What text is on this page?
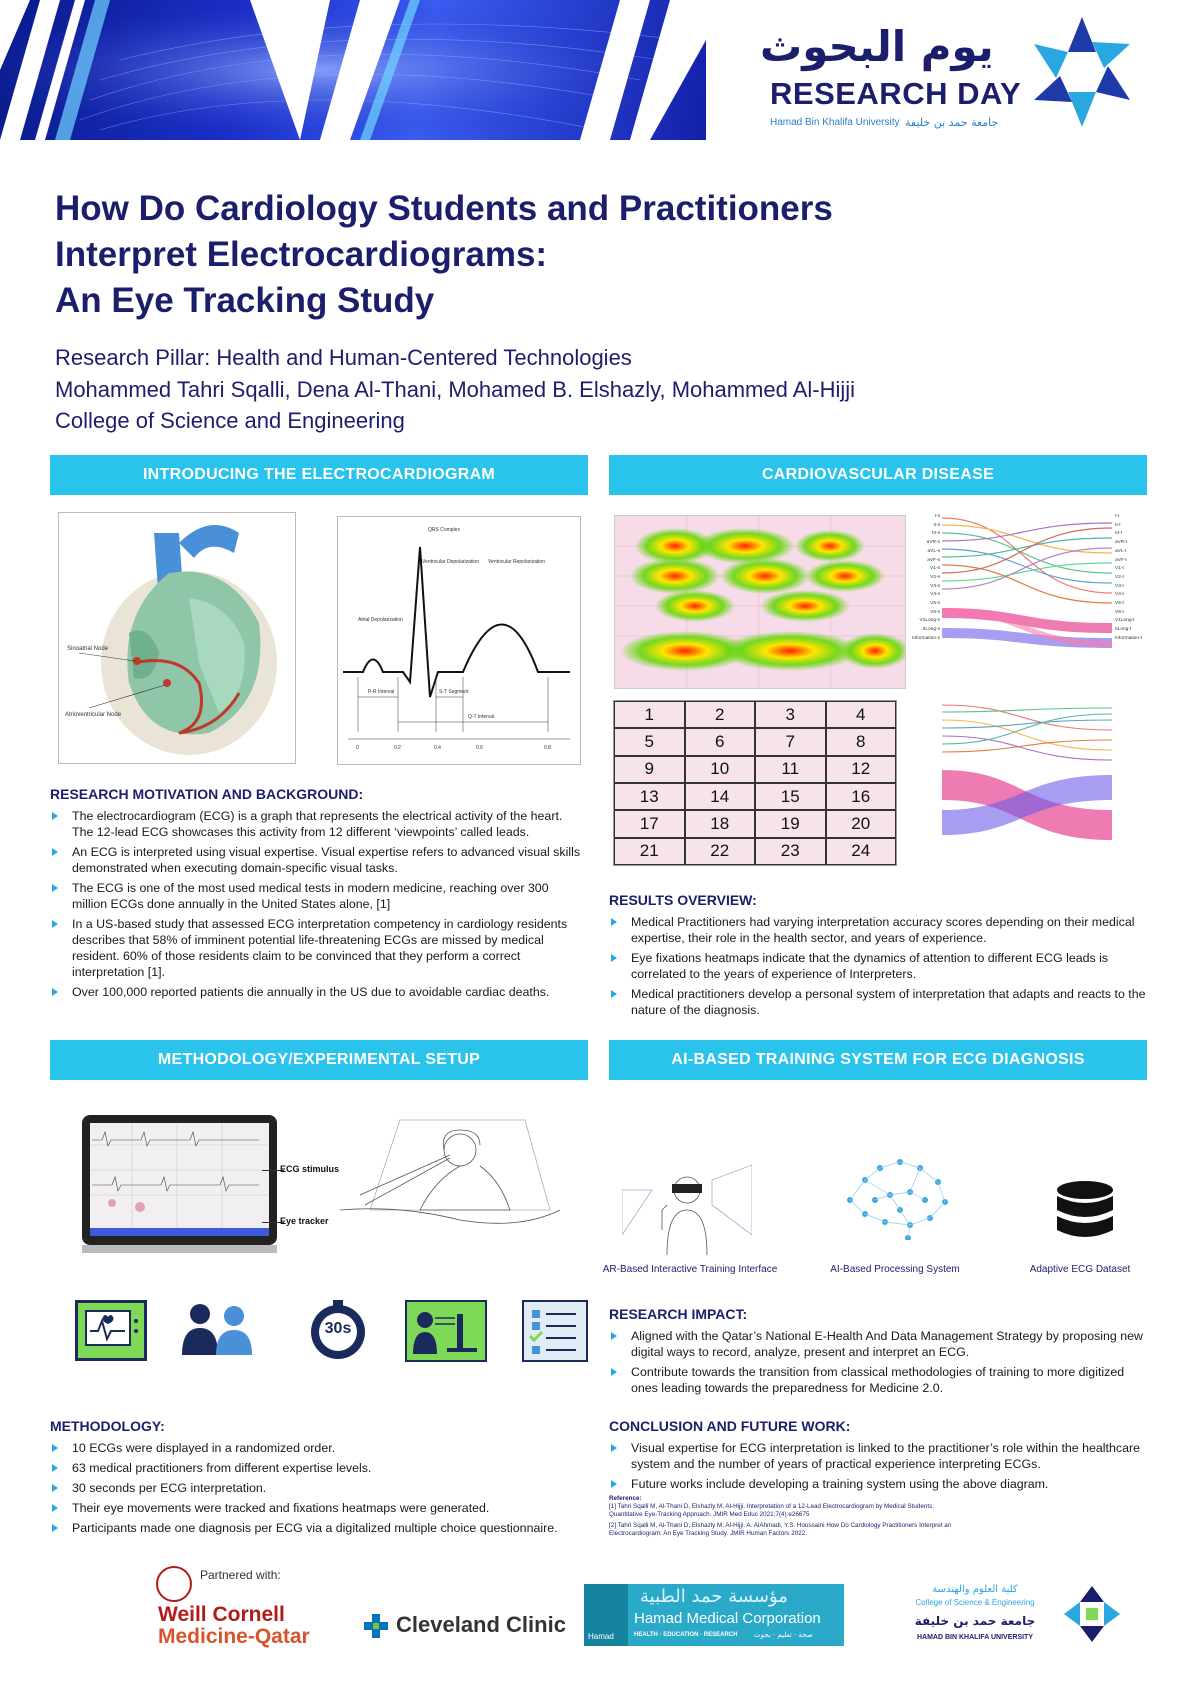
يوم البحوث
RESEARCH DAY
Hamad Bin Khalifa University جامعة حمد بن خليفة
How Do Cardiology Students and Practitioners
Interpret Electrocardiograms:
An Eye Tracking Study
Research Pillar: Health and Human-Centered Technologies
Mohammed Tahri Sqalli, Dena Al-Thani, Mohamed B. Elshazly, Mohammed Al-Hijji
College of Science and Engineering
INTRODUCING THE ELECTROCARDIOGRAM	CARDIOVASCULAR DISEASE
METHODOLOGY/EXPERIMENTAL SETUP	AI-BASED TRAINING SYSTEM FOR ECG DIAGNOSIS
Sinoatrial Node
Atrioventricular Node
QRS Complex
Ventricular Depolarization Ventricular Repolarization
Atrial Depolarization
P-R Interval	S-T Segment
Q-T Interval
0	0.2	0.4	0.6	0.8
RESEARCH MOTIVATION AND BACKGROUND:
The electrocardiogram (ECG) is a graph that represents the electrical activity of the heart. The 12-lead ECG showcases this activity from 12 different ‘viewpoints’ called leads.
An ECG is interpreted using visual expertise. Visual expertise refers to advanced visual skills demonstrated when executing domain-specific visual tasks.
The ECG is one of the most used medical tests in modern medicine, reaching over 300 million ECGs done annually in the United States alone, [1]
In a US-based study that assessed ECG interpretation competency in cardiology residents describes that 58% of imminent potential life-threatening ECGs are missed by medical resident. 60% of those residents claim to be convinced that they perform a correct interpretation [1].
Over 100,000 reported patients die annually in the US due to avoidable cardiac deaths.
I-s
II-s
III-s
aVR-s
aVL-s
aVF-s
V1-s
V2-s
V3-s
V4-s
V5-s
V6-s
V1Long-s
IILong-s
Information-s
I-t
II-t
III-t
aVR-t
aVL-t
aVF-t
V1-t
V2-t
V3-t
V4-t
V5-t
V6-t
V1Long-t
IILong-t
Information-t
1	2	3	4
5	6	7	8
9	10	11	12
13	14	15	16
17	18	19	20
21	22	23	24
RESULTS OVERVIEW:
Medical Practitioners had varying interpretation accuracy scores depending on their medical expertise, their role in the health sector, and years of experience.
Eye fixations heatmaps indicate that the dynamics of attention to different ECG leads is correlated to the years of experience of Interpreters.
Medical practitioners develop a personal system of interpretation that adapts and reacts to the nature of the diagnosis.
ECG stimulus
Eye tracker
30s
METHODOLOGY:
10 ECGs were displayed in a randomized order.
63 medical practitioners from different expertise levels.
30 seconds per ECG interpretation.
Their eye movements were tracked and fixations heatmaps were generated.
Participants made one diagnosis per ECG via a digitalized multiple choice questionnaire.
AR-Based Interactive Training Interface	AI-Based Processing System	Adaptive ECG Dataset
RESEARCH IMPACT:
Aligned with the Qatar’s National E-Health And Data Management Strategy by proposing new digital ways to record, analyze, present and interpret an ECG.
Contribute towards the transition from classical methodologies of training to more digitized ones leading towards the preparedness for Medicine 2.0.
CONCLUSION AND FUTURE WORK:
Visual expertise for ECG interpretation is linked to the practitioner’s role within the healthcare system and the number of years of practical experience interpreting ECGs.
Future works include developing a training system using the above diagram.
Reference:
[1] Tahri Sqalli M, Al-Thani D, Elshazly M, Al-Hijji. Interpretation of a 12-Lead Electrocardiogram by Medical Students: Quantitative Eye-Tracking Approach. JMIR Med Educ 2021;7(4):e26675
[2] Tahri Sqalli M, Al-Thani D, Elshazly M, Al-Hijji. A. AlAhmadi, Y.S. Houssaini How Do Cardiology Practitioners Interpret an Electrocardiogram: An Eye Tracking Study. JMIR Human Factors 2022.
Partnered with:
Weill Cornell
Medicine-Qatar	Cleveland Clinic	Hamad
مؤسسة حمد الطبية
Hamad Medical Corporation
HEALTH · EDUCATION · RESEARCH صحة · تعليم · بحوث
كلية العلوم والهندسة
College of Science & Engineering
جامعة حمد بن خليفة
HAMAD BIN KHALIFA UNIVERSITY
